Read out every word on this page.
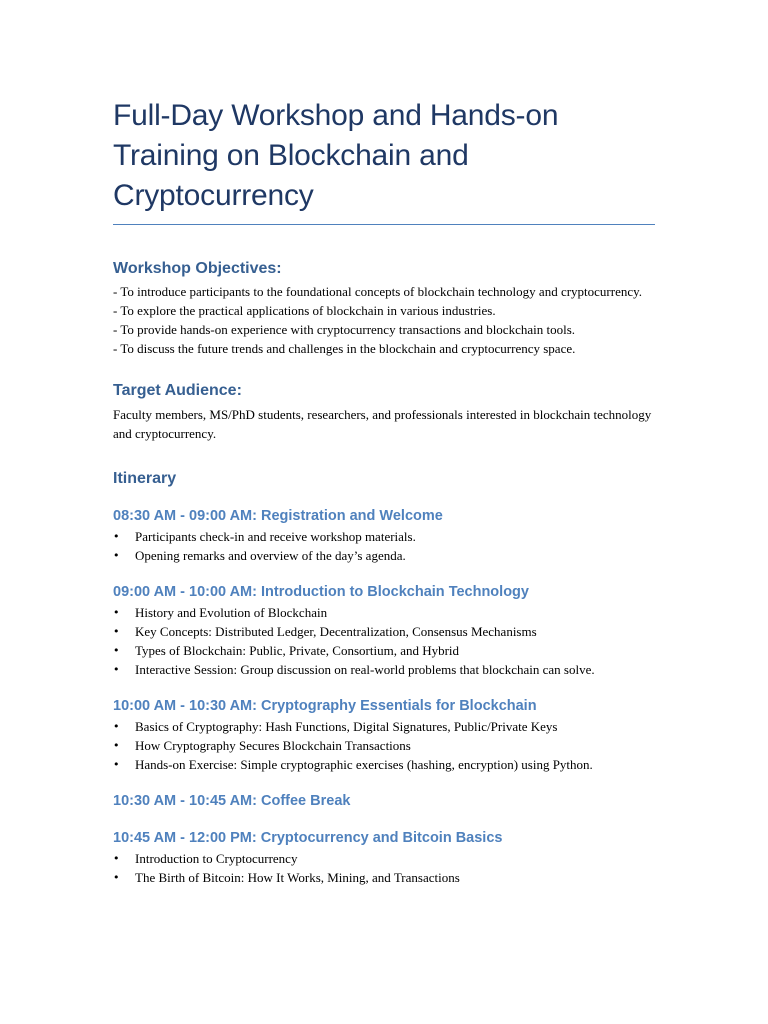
Full-Day Workshop and Hands-on Training on Blockchain and Cryptocurrency
Workshop Objectives:

- To introduce participants to the foundational concepts of blockchain technology and cryptocurrency.

- To explore the practical applications of blockchain in various industries.

- To provide hands-on experience with cryptocurrency transactions and blockchain tools.

- To discuss the future trends and challenges in the blockchain and cryptocurrency space.

Target Audience:

Faculty members, MS/PhD students, researchers, and professionals interested in blockchain technology and cryptocurrency.

Itinerary
08:30 AM - 09:00 AM: Registration and Welcome
• Participants check-in and receive workshop materials.
• Opening remarks and overview of the day’s agenda.
09:00 AM - 10:00 AM: Introduction to Blockchain Technology
• History and Evolution of Blockchain
• Key Concepts: Distributed Ledger, Decentralization, Consensus Mechanisms
• Types of Blockchain: Public, Private, Consortium, and Hybrid
• Interactive Session: Group discussion on real-world problems that blockchain can solve.
10:00 AM - 10:30 AM: Cryptography Essentials for Blockchain
• Basics of Cryptography: Hash Functions, Digital Signatures, Public/Private Keys
• How Cryptography Secures Blockchain Transactions
• Hands-on Exercise: Simple cryptographic exercises (hashing, encryption) using Python.
10:30 AM - 10:45 AM: Coffee Break
10:45 AM - 12:00 PM: Cryptocurrency and Bitcoin Basics
• Introduction to Cryptocurrency
• The Birth of Bitcoin: How It Works, Mining, and Transactions
